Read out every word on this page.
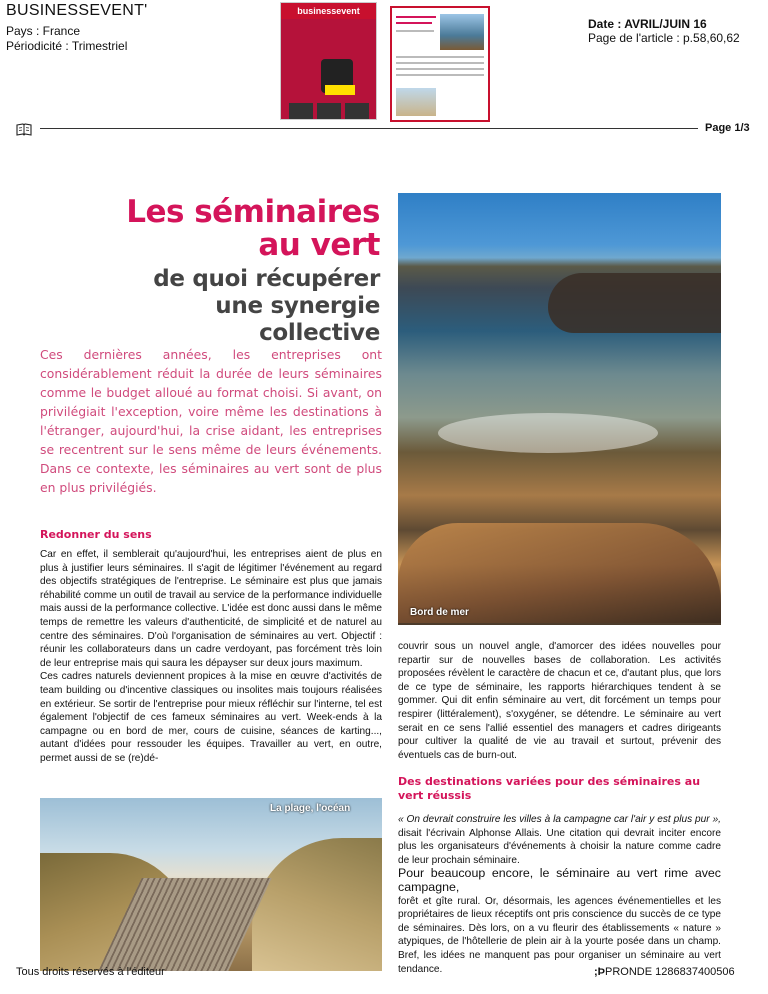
BUSINESSEVENT'
Pays : France
Périodicité : Trimestriel
businessevent
Date : AVRIL/JUIN 16
Page de l'article : p.58,60,62
Page 1/3
Les séminaires
au vert
de quoi récupérer
une synergie collective
Ces dernières années, les entreprises ont considérablement réduit la durée de leurs séminaires comme le budget alloué au format choisi. Si avant, on privilégiait l'exception, voire même les destinations à l'étranger, aujourd'hui, la crise aidant, les entreprises se recentrent sur le sens même de leurs événements. Dans ce contexte, les séminaires au vert sont de plus en plus privilégiés.
Redonner du sens
Car en effet, il semblerait qu'aujourd'hui, les entreprises aient de plus en plus à justifier leurs séminaires. Il s'agit de légitimer l'événement au regard des objectifs stratégiques de l'entreprise. Le séminaire est plus que jamais réhabilité comme un outil de travail au service de la performance individuelle mais aussi de la performance collective. L'idée est donc aussi dans le même temps de remettre les valeurs d'authenticité, de simplicité et de naturel au centre des séminaires. D'où l'organisation de séminaires au vert. Objectif : réunir les collaborateurs dans un cadre verdoyant, pas forcément très loin de leur entreprise mais qui saura les dépayser sur deux jours maximum.
Ces cadres naturels deviennent propices à la mise en œuvre d'activités de team building ou d'incentive classiques ou insolites mais toujours réalisées en extérieur. Se sortir de l'entreprise pour mieux réfléchir sur l'interne, tel est également l'objectif de ces fameux séminaires au vert. Week-ends à la campagne ou en bord de mer, cours de cuisine, séances de karting..., autant d'idées pour ressouder les équipes. Travailler au vert, en outre, permet aussi de se (re)dé-
Bord de mer
couvrir sous un nouvel angle, d'amorcer des idées nouvelles pour repartir sur de nouvelles bases de collaboration. Les activités proposées révèlent le caractère de chacun et ce, d'autant plus, que lors de ce type de séminaire, les rapports hiérarchiques tendent à se gommer. Qui dit enfin séminaire au vert, dit forcément un temps pour respirer (littéralement), s'oxygéner, se détendre. Le séminaire au vert serait en ce sens l'allié essentiel des managers et cadres dirigeants pour cultiver la qualité de vie au travail et surtout, prévenir des éventuels cas de burn-out.
Des destinations variées pour des séminaires au vert réussis
« On devrait construire les villes à la campagne car l'air y est plus pur », disait l'écrivain Alphonse Allais. Une citation qui devrait inciter encore plus les organisateurs d'événements à choisir la nature comme cadre de leur prochain séminaire.
Pour beaucoup encore, le séminaire au vert rime avec campagne,
forêt et gîte rural. Or, désormais, les agences événementielles et les propriétaires de lieux réceptifs ont pris conscience du succès de ce type de séminaires. Dès lors, on a vu fleurir des établissements « nature » atypiques, de l'hôtellerie de plein air à la yourte posée dans un champ. Bref, les idées ne manquent pas pour organiser un séminaire au vert tendance.
La plage, l'océan
Tous droits réservés à l'éditeur	;ÞPRONDE 1286837400506
